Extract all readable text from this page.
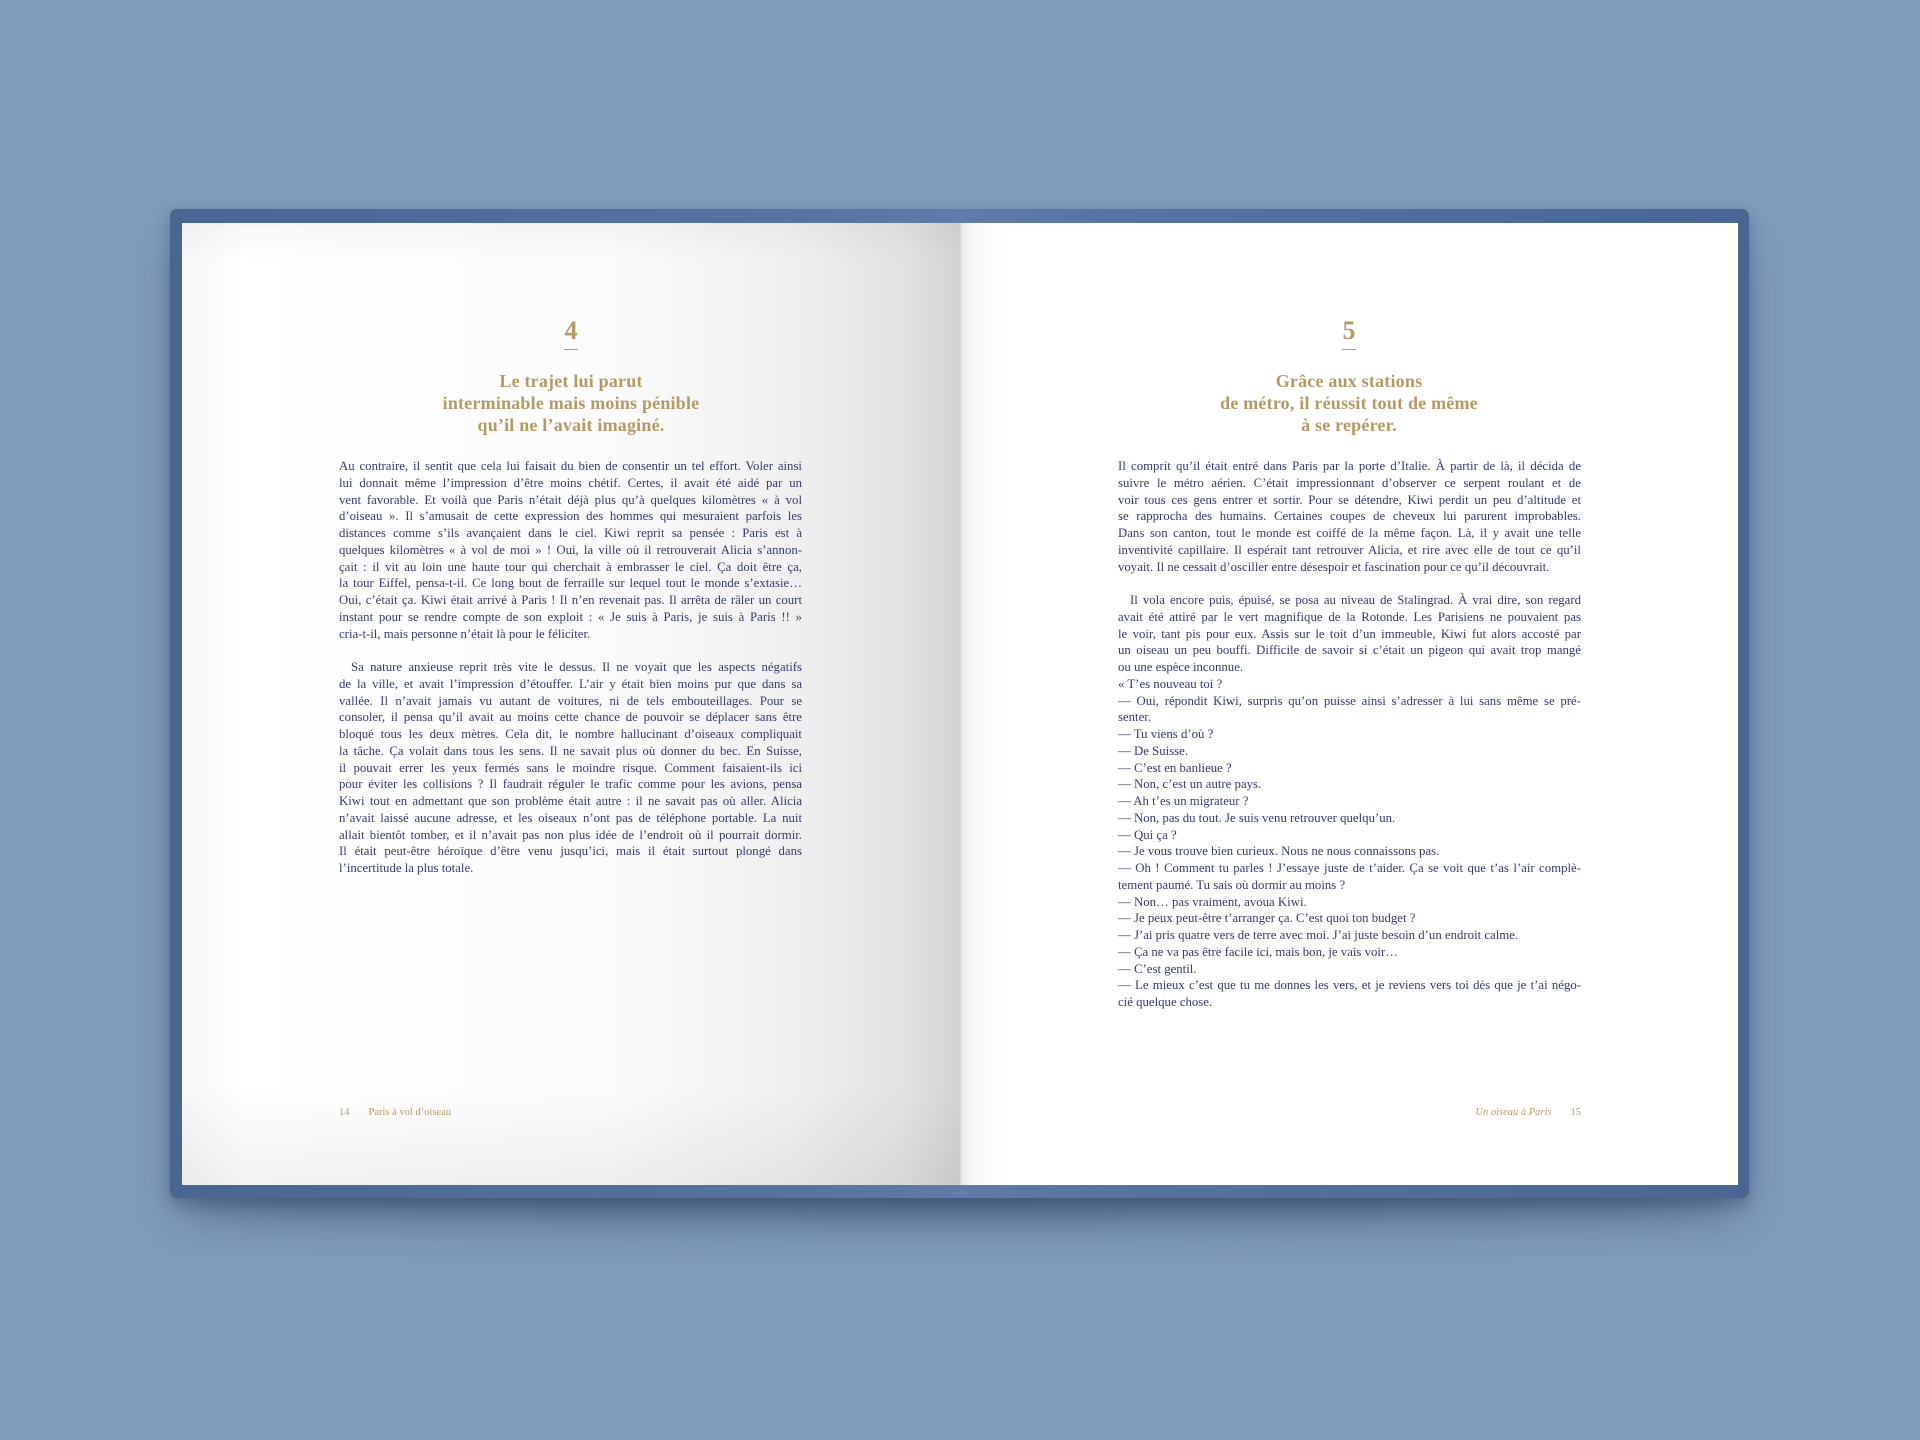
4
Le trajet lui parut
interminable mais moins pénible
qu’il ne l’avait imaginé.
Au contraire, il sentit que cela lui faisait du bien de consentir un tel effort. Voler ainsi
lui donnait même l’impression d’être moins chétif. Certes, il avait été aidé par un
vent favorable. Et voilà que Paris n’était déjà plus qu’à quelques kilomètres « à vol
d’oiseau ». Il s’amusait de cette expression des hommes qui mesuraient parfois les
distances comme s’ils avançaient dans le ciel. Kiwi reprit sa pensée : Paris est à
quelques kilomètres « à vol de moi » ! Oui, la ville où il retrouverait Alicia s’annon-
çait : il vit au loin une haute tour qui cherchait à embrasser le ciel. Ça doit être ça,
la tour Eiffel, pensa-t-il. Ce long bout de ferraille sur lequel tout le monde s’extasie…
Oui, c’était ça. Kiwi était arrivé à Paris ! Il n’en revenait pas. Il arrêta de râler un court
instant pour se rendre compte de son exploit : « Je suis à Paris, je suis à Paris !! »
cria-t-il, mais personne n’était là pour le féliciter.
Sa nature anxieuse reprit très vite le dessus. Il ne voyait que les aspects négatifs
de la ville, et avait l’impression d’étouffer. L’air y était bien moins pur que dans sa
vallée. Il n’avait jamais vu autant de voitures, ni de tels embouteillages. Pour se
consoler, il pensa qu’il avait au moins cette chance de pouvoir se déplacer sans être
bloqué tous les deux mètres. Cela dit, le nombre hallucinant d’oiseaux compliquait
la tâche. Ça volait dans tous les sens. Il ne savait plus où donner du bec. En Suisse,
il pouvait errer les yeux fermés sans le moindre risque. Comment faisaient-ils ici
pour éviter les collisions ? Il faudrait réguler le trafic comme pour les avions, pensa
Kiwi tout en admettant que son problème était autre : il ne savait pas où aller. Alicia
n’avait laissé aucune adresse, et les oiseaux n’ont pas de téléphone portable. La nuit
allait bientôt tomber, et il n’avait pas non plus idée de l’endroit où il pourrait dormir.
Il était peut-être héroïque d’être venu jusqu’ici, mais il était surtout plongé dans
l’incertitude la plus totale.
14 Paris à vol d’oiseau
5
Grâce aux stations
de métro, il réussit tout de même
à se repérer.
Il comprit qu’il était entré dans Paris par la porte d’Italie. À partir de là, il décida de
suivre le métro aérien. C’était impressionnant d’observer ce serpent roulant et de
voir tous ces gens entrer et sortir. Pour se détendre, Kiwi perdit un peu d’altitude et
se rapprocha des humains. Certaines coupes de cheveux lui parurent improbables.
Dans son canton, tout le monde est coiffé de la même façon. Là, il y avait une telle
inventivité capillaire. Il espérait tant retrouver Alicia, et rire avec elle de tout ce qu’il
voyait. Il ne cessait d’osciller entre désespoir et fascination pour ce qu’il découvrait.
Il vola encore puis, épuisé, se posa au niveau de Stalingrad. À vrai dire, son regard
avait été attiré par le vert magnifique de la Rotonde. Les Parisiens ne pouvaient pas
le voir, tant pis pour eux. Assis sur le toit d’un immeuble, Kiwi fut alors accosté par
un oiseau un peu bouffi. Difficile de savoir si c’était un pigeon qui avait trop mangé
ou une espèce inconnue.
« T’es nouveau toi ?
— Oui, répondit Kiwi, surpris qu’on puisse ainsi s’adresser à lui sans même se pré-
senter.
— Tu viens d’où ?
— De Suisse.
— C’est en banlieue ?
— Non, c’est un autre pays.
— Ah t’es un migrateur ?
— Non, pas du tout. Je suis venu retrouver quelqu’un.
— Qui ça ?
— Je vous trouve bien curieux. Nous ne nous connaissons pas.
— Oh ! Comment tu parles ! J’essaye juste de t’aider. Ça se voit que t’as l’air complè-
tement paumé. Tu sais où dormir au moins ?
— Non… pas vraiment, avoua Kiwi.
— Je peux peut-être t’arranger ça. C’est quoi ton budget ?
— J’ai pris quatre vers de terre avec moi. J’ai juste besoin d’un endroit calme.
— Ça ne va pas être facile ici, mais bon, je vais voir…
— C’est gentil.
— Le mieux c’est que tu me donnes les vers, et je reviens vers toi dès que je t’ai négo-
cié quelque chose.
Un oiseau à Paris 15
